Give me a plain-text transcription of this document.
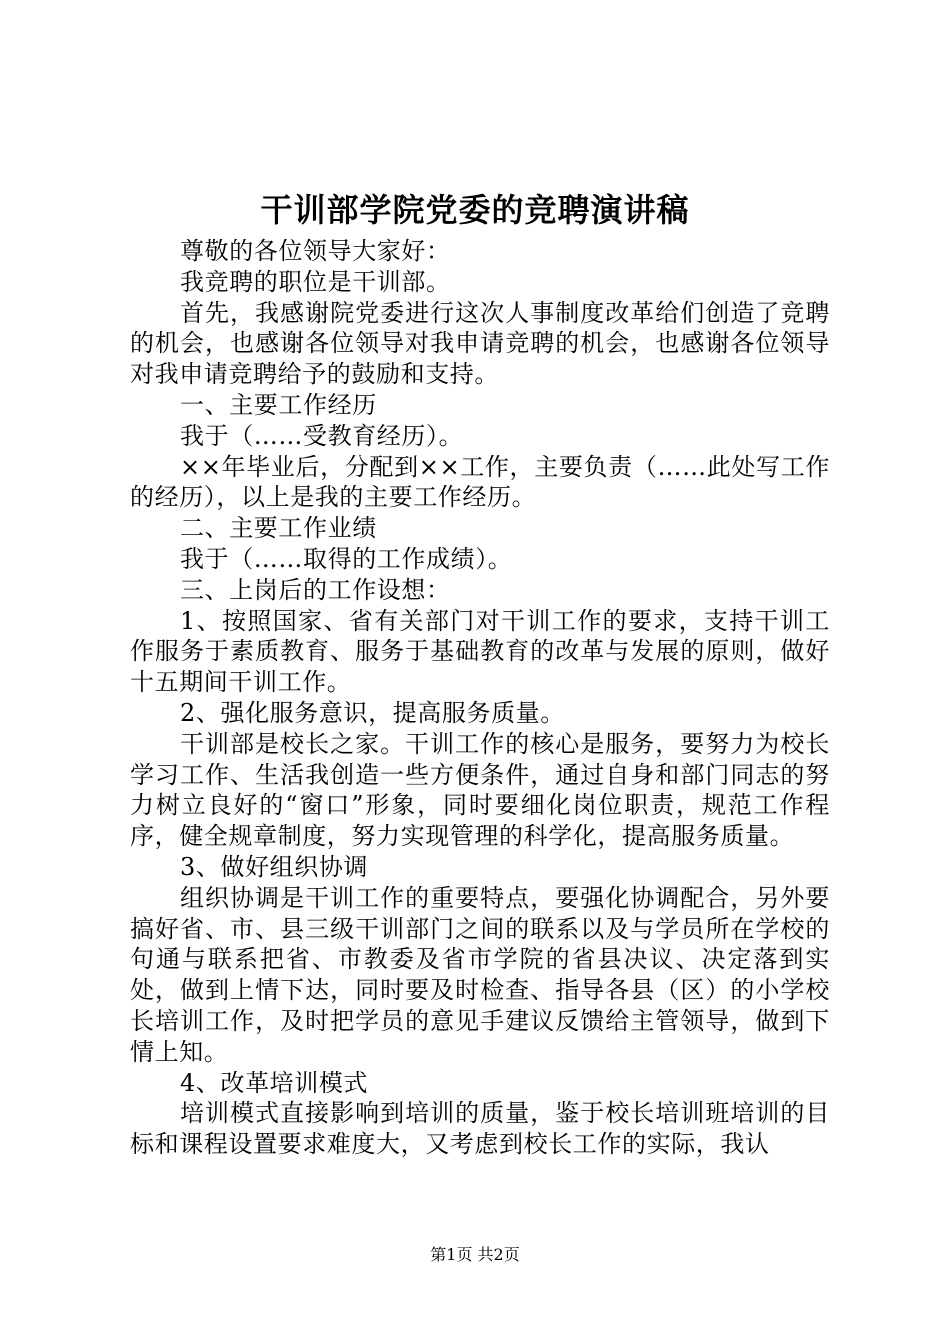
干训部学院党委的竞聘演讲稿

尊敬的各位领导大家好：

我竞聘的职位是干训部。

首先，我感谢院党委进行这次人事制度改革给们创造了竞聘的机会，也感谢各位领导对我申请竞聘的机会，也感谢各位领导对我申请竞聘给予的鼓励和支持。

一、主要工作经历

我于（……受教育经历）。

××年毕业后，分配到××工作，主要负责（……此处写工作的经历），以上是我的主要工作经历。

二、主要工作业绩

我于（……取得的工作成绩）。

三、上岗后的工作设想：

1、按照国家、省有关部门对干训工作的要求，支持干训工作服务于素质教育、服务于基础教育的改革与发展的原则，做好十五期间干训工作。

2、强化服务意识，提高服务质量。

干训部是校长之家。干训工作的核心是服务，要努力为校长学习工作、生活我创造一些方便条件，通过自身和部门同志的努力树立良好的“窗口”形象，同时要细化岗位职责，规范工作程序，健全规章制度，努力实现管理的科学化，提高服务质量。

3、做好组织协调

组织协调是干训工作的重要特点，要强化协调配合，另外要搞好省、市、县三级干训部门之间的联系以及与学员所在学校的句通与联系把省、市教委及省市学院的省县决议、决定落到实处，做到上情下达，同时要及时检查、指导各县（区）的小学校长培训工作，及时把学员的意见手建议反馈给主管领导，做到下情上知。

4、改革培训模式

培训模式直接影响到培训的质量，鉴于校长培训班培训的目标和课程设置要求难度大，又考虑到校长工作的实际，我认

第1页 共2页
